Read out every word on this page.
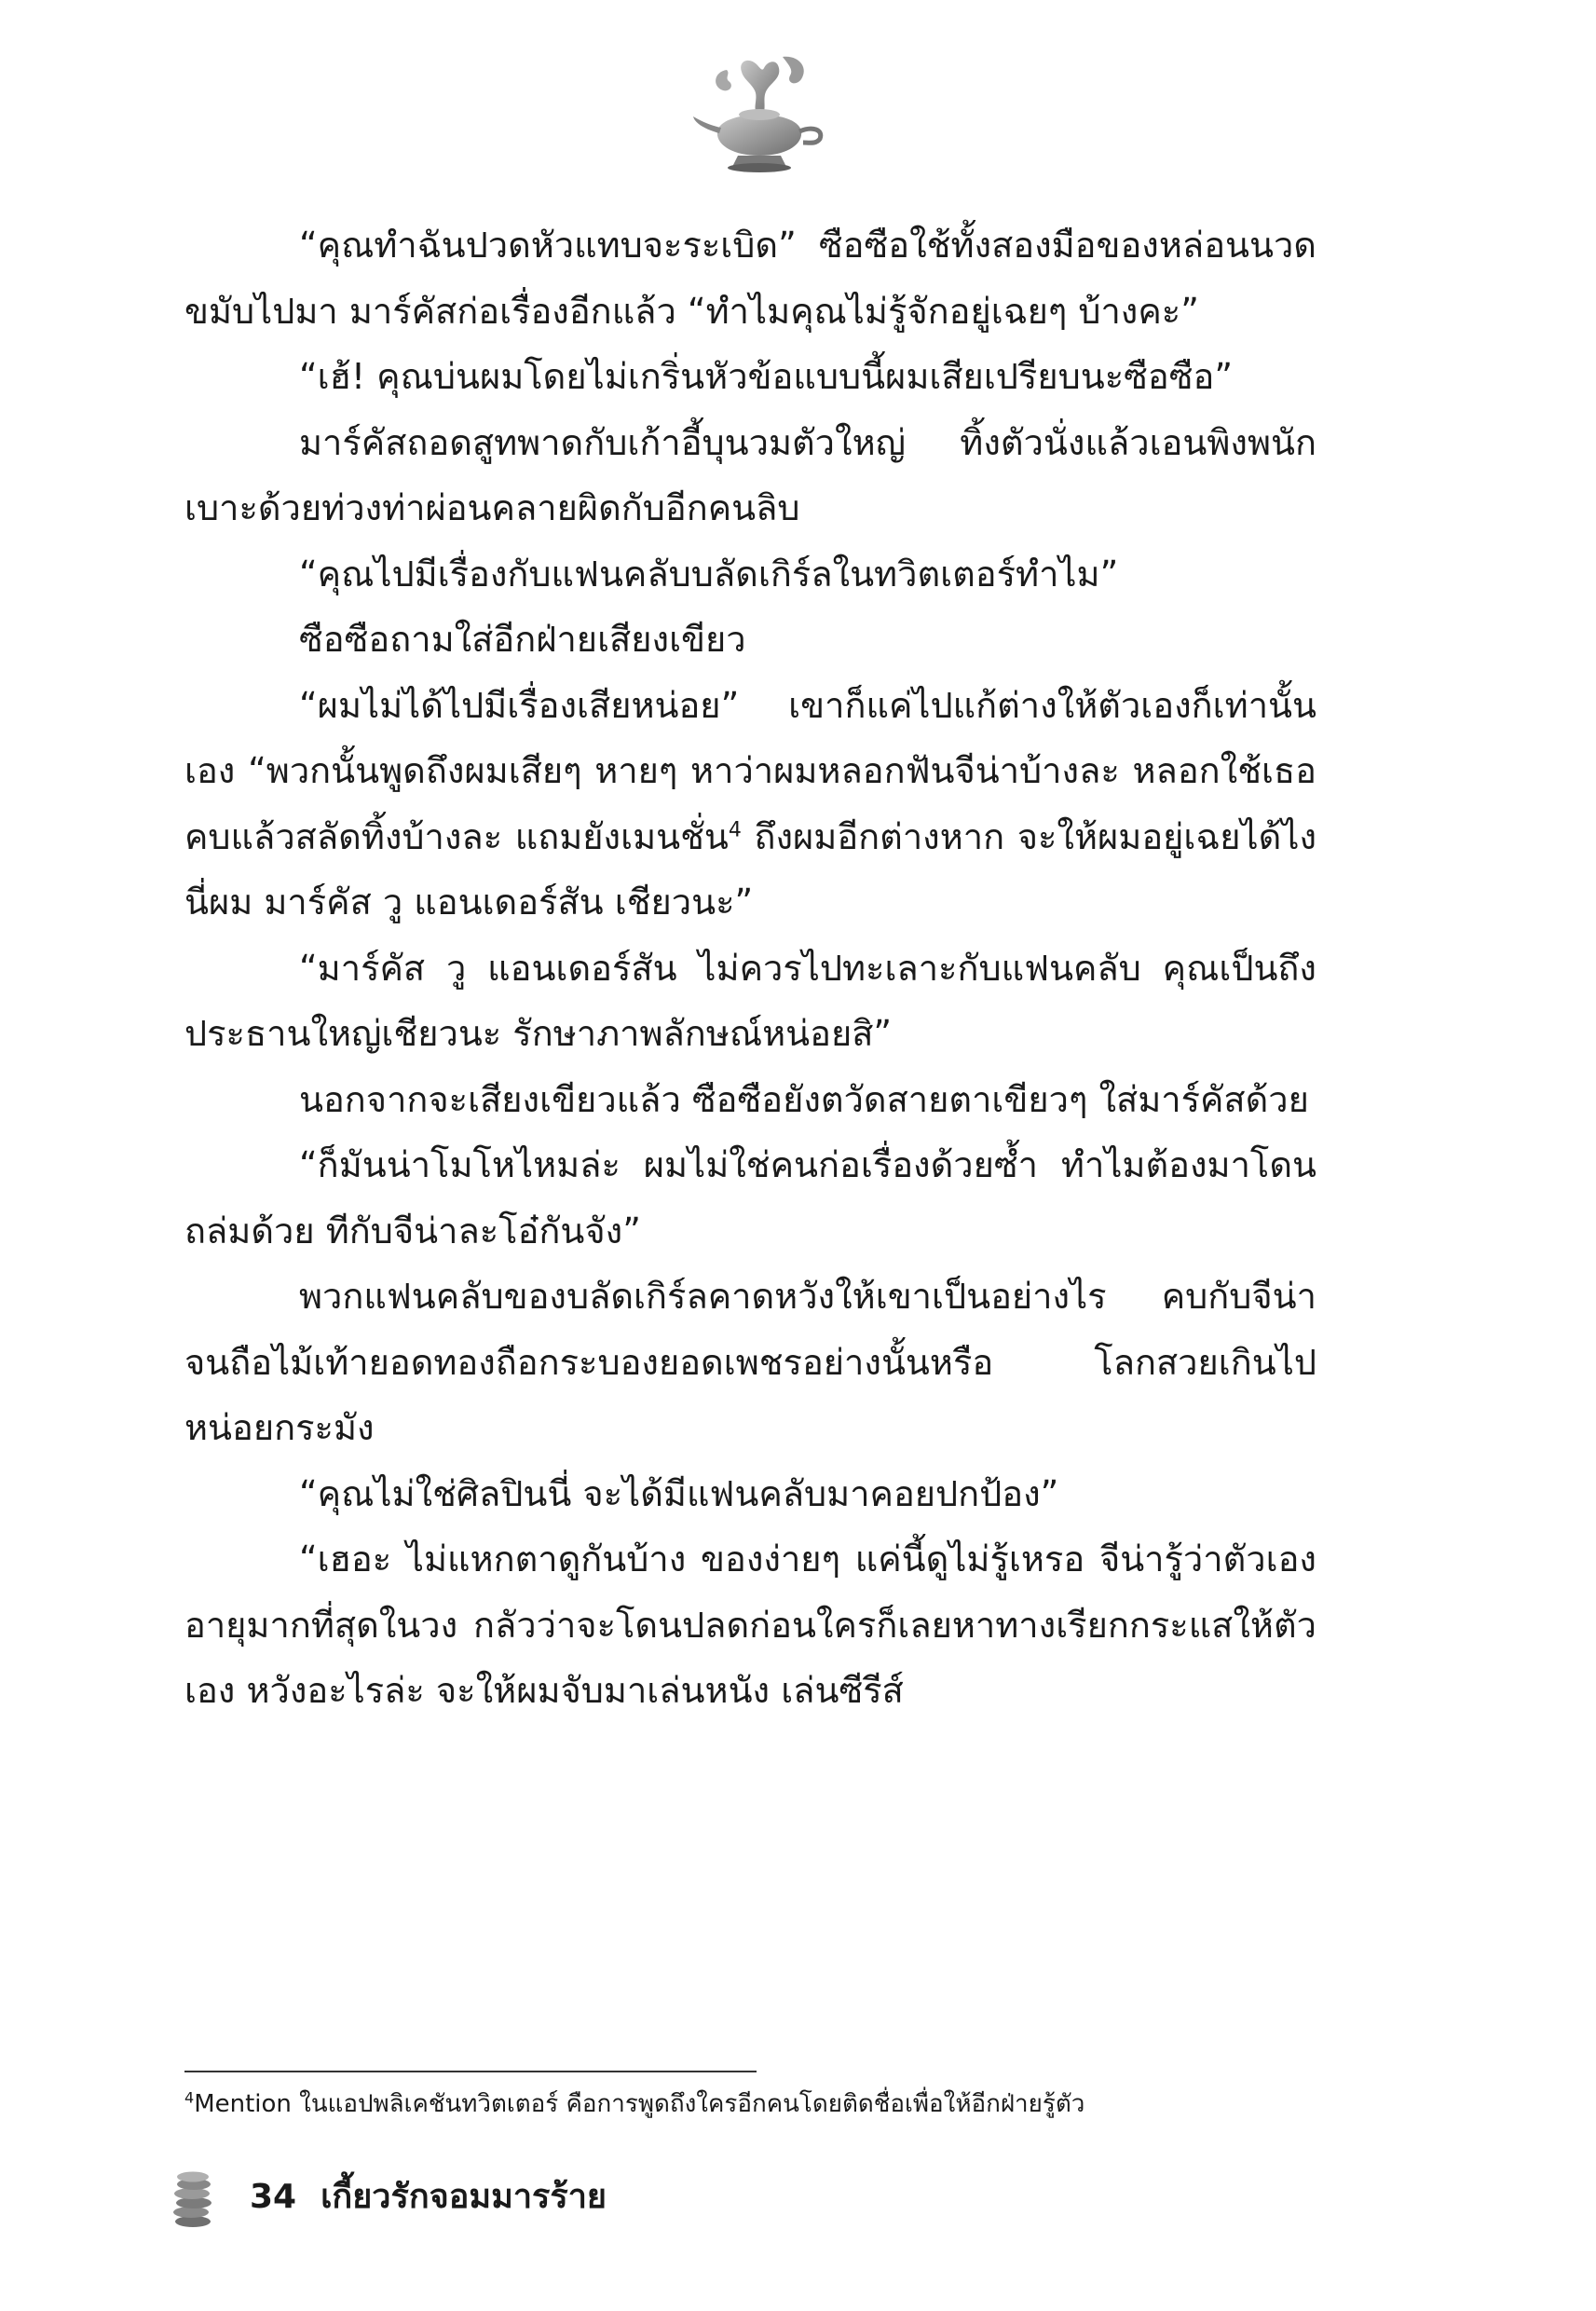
“คุณทำฉันปวดหัวแทบจะระเบิด” ซือซือใช้ทั้งสองมือของหล่อนนวดขมับไปมา มาร์คัสก่อเรื่องอีกแล้ว “ทำไมคุณไม่รู้จักอยู่เฉยๆ บ้างคะ”

“เฮ้! คุณบ่นผมโดยไม่เกริ่นหัวข้อแบบนี้ผมเสียเปรียบนะซือซือ”

มาร์คัสถอดสูทพาดกับเก้าอี้บุนวมตัวใหญ่ ทิ้งตัวนั่งแล้วเอนพิงพนักเบาะด้วยท่วงท่าผ่อนคลายผิดกับอีกคนลิบ

“คุณไปมีเรื่องกับแฟนคลับบลัดเกิร์ลในทวิตเตอร์ทำไม”

ซือซือถามใส่อีกฝ่ายเสียงเขียว

“ผมไม่ได้ไปมีเรื่องเสียหน่อย” เขาก็แค่ไปแก้ต่างให้ตัวเองก็เท่านั้นเอง “พวกนั้นพูดถึงผมเสียๆ หายๆ หาว่าผมหลอกฟันจีน่าบ้างละ หลอกใช้เธอ คบแล้วสลัดทิ้งบ้างละ แถมยังเมนชั่น$^4$ ถึงผมอีกต่างหาก จะให้ผมอยู่เฉยได้ไง นี่ผม มาร์คัส วู แอนเดอร์สัน เชียวนะ”

“มาร์คัส วู แอนเดอร์สัน ไม่ควรไปทะเลาะกับแฟนคลับ คุณเป็นถึงประธานใหญ่เชียวนะ รักษาภาพลักษณ์หน่อยสิ”

นอกจากจะเสียงเขียวแล้ว ซือซือยังตวัดสายตาเขียวๆ ใส่มาร์คัสด้วย

“ก็มันน่าโมโหไหมล่ะ ผมไม่ใช่คนก่อเรื่องด้วยซ้ำ ทำไมต้องมาโดนถล่มด้วย ทีกับจีน่าละโอ๋กันจัง”

พวกแฟนคลับของบลัดเกิร์ลคาดหวังให้เขาเป็นอย่างไร คบกับจีน่าจนถือไม้เท้ายอดทองถือกระบองยอดเพชรอย่างนั้นหรือ โลกสวยเกินไปหน่อยกระมัง

“คุณไม่ใช่ศิลปินนี่ จะได้มีแฟนคลับมาคอยปกป้อง”

“เฮอะ ไม่แหกตาดูกันบ้าง ของง่ายๆ แค่นี้ดูไม่รู้เหรอ จีน่ารู้ว่าตัวเองอายุมากที่สุดในวง กลัวว่าจะโดนปลดก่อนใครก็เลยหาทางเรียกกระแสให้ตัวเอง หวังอะไรล่ะ จะให้ผมจับมาเล่นหนัง เล่นซีรีส์

$^4$Mention ในแอปพลิเคชันทวิตเตอร์ คือการพูดถึงใครอีกคนโดยติดชื่อเพื่อให้อีกฝ่ายรู้ตัว

34 เกี้ยวรักจอมมารร้าย
